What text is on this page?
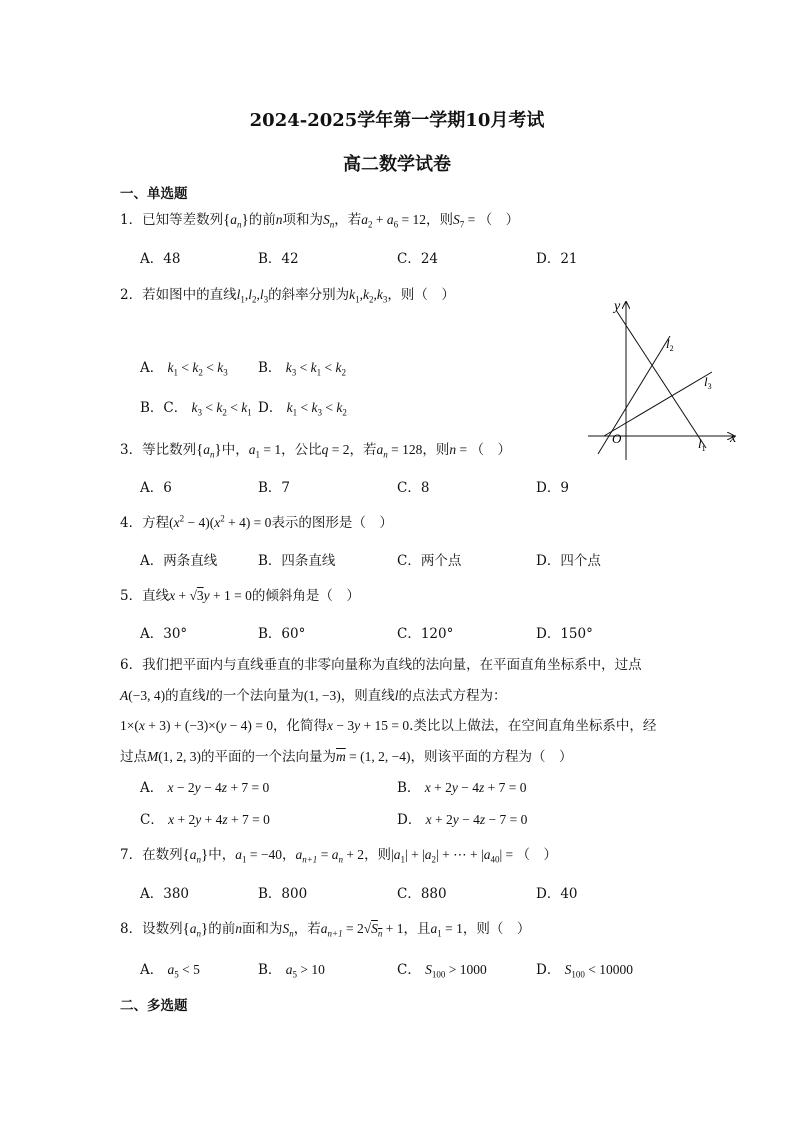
2024-2025学年第一学期10月考试
高二数学试卷
一、单选题
1．已知等差数列$\{a_n\}$的前n项和为$S_n$，若$a_2 + a_6 = 12$，则$S_7$ = （　）
A．48	B．42	C．24	D．21
2．若如图中的直线$l_1,l_2,l_3$的斜率分别为$k_1,k_2,k_3$，则（　）
A． $k_1 < k_2 < k_3$ B． $k_3 < k_1 < k_2$
B．C． $k_3 < k_2 < k_1$ D． $k_1 < k_3 < k_2$
y
x
O
$l_2$
$l_3$
$l_1$
3．等比数列$\{a_n\}$中，$a_1 = 1$，公比q = 2，若$a_n = 128$，则n = （　）
A．6	B．7	C．8	D．9
4．方程$(x^2 - 4)(x^2 + 4) = 0$表示的图形是（　）
A．两条直线	B．四条直线	C．两个点	D．四个点
5．直线x + √3y + 1 = 0的倾斜角是（　）
A．30°	B．60°	C．120°	D．150°
6．我们把平面内与直线垂直的非零向量称为直线的法向量，在平面直角坐标系中，过点
A(−3, 4)的直线l的一个法向量为(1, −3)，则直线l的点法式方程为：
1×(x + 3) + (−3)×(y − 4) = 0，化简得x − 3y + 15 = 0.类比以上做法，在空间直角坐标系中，经
过点M(1, 2, 3)的平面的一个法向量为$\overline{m} = (1$, 2, −4)，则该平面的方程为（　）
A． x − 2y − 4z + 7 = 0	B． x + 2y − 4z + 7 = 0
C． x + 2y + 4z + 7 = 0	D． x + 2y − 4z − 7 = 0
7．在数列$\{a_n\}$中，$a_1 = -40$，$a_{n+1} = a_n + 2$，则$|a_1| + |a_2|$ + ⋯ + $|a_{40}|$ = （　）
A．380	B．800	C．880	D．40
8．设数列$\{a_n\}$的前n面和为$S_n$，若$a_{n+1} = 2√S_n + 1$，且$a_1 = 1$，则（　）
A． $a_5 < 5$	B． $a_5 > 10$	C． $S_{100} > 1000$	D． $S_{100} < 10000$
二、多选题
